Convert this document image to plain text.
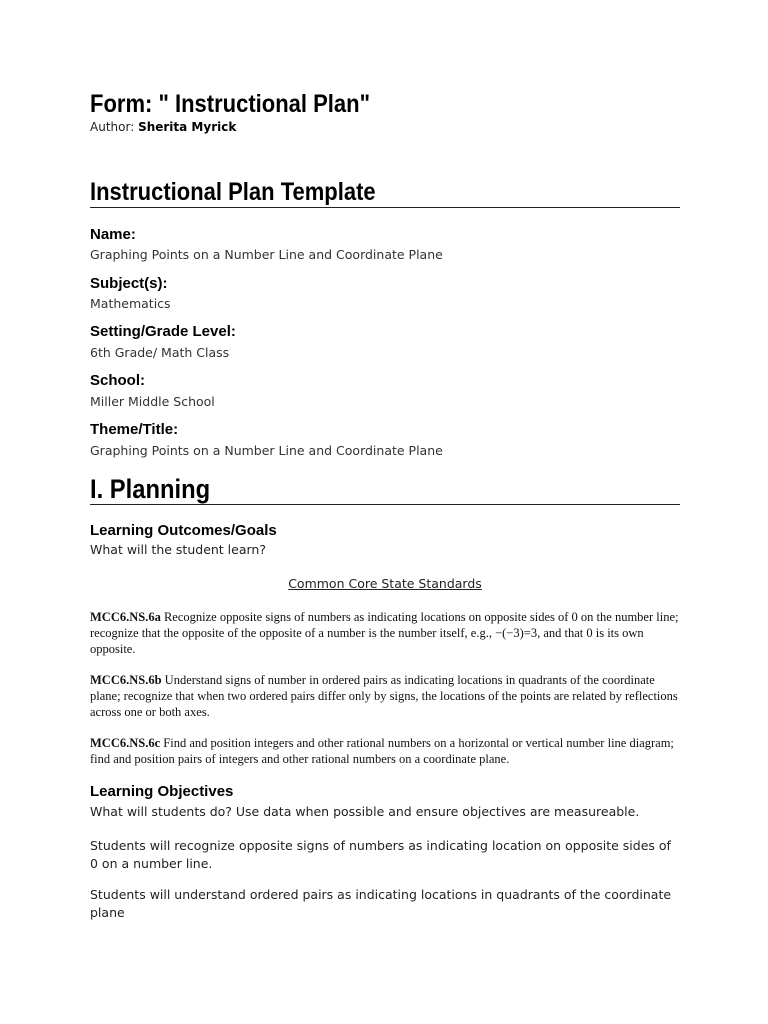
Form: " Instructional Plan"
Author: Sherita Myrick
Instructional Plan Template
Name:
Graphing Points on a Number Line and Coordinate Plane
Subject(s):
Mathematics
Setting/Grade Level:
6th Grade/ Math Class
School:
Miller Middle School
Theme/Title:
Graphing Points on a Number Line and Coordinate Plane
I. Planning
Learning Outcomes/Goals
What will the student learn?
Common Core State Standards
MCC6.NS.6a Recognize opposite signs of numbers as indicating locations on opposite sides of 0 on the number line; recognize that the opposite of the opposite of a number is the number itself, e.g., −(−3)=3, and that 0 is its own opposite.
MCC6.NS.6b Understand signs of number in ordered pairs as indicating locations in quadrants of the coordinate plane; recognize that when two ordered pairs differ only by signs, the locations of the points are related by reflections across one or both axes.
MCC6.NS.6c Find and position integers and other rational numbers on a horizontal or vertical number line diagram; find and position pairs of integers and other rational numbers on a coordinate plane.
Learning Objectives
What will students do? Use data when possible and ensure objectives are measureable.
Students will recognize opposite signs of numbers as indicating location on opposite sides of 0 on a number line.
Students will understand ordered pairs as indicating locations in quadrants of the coordinate plane
